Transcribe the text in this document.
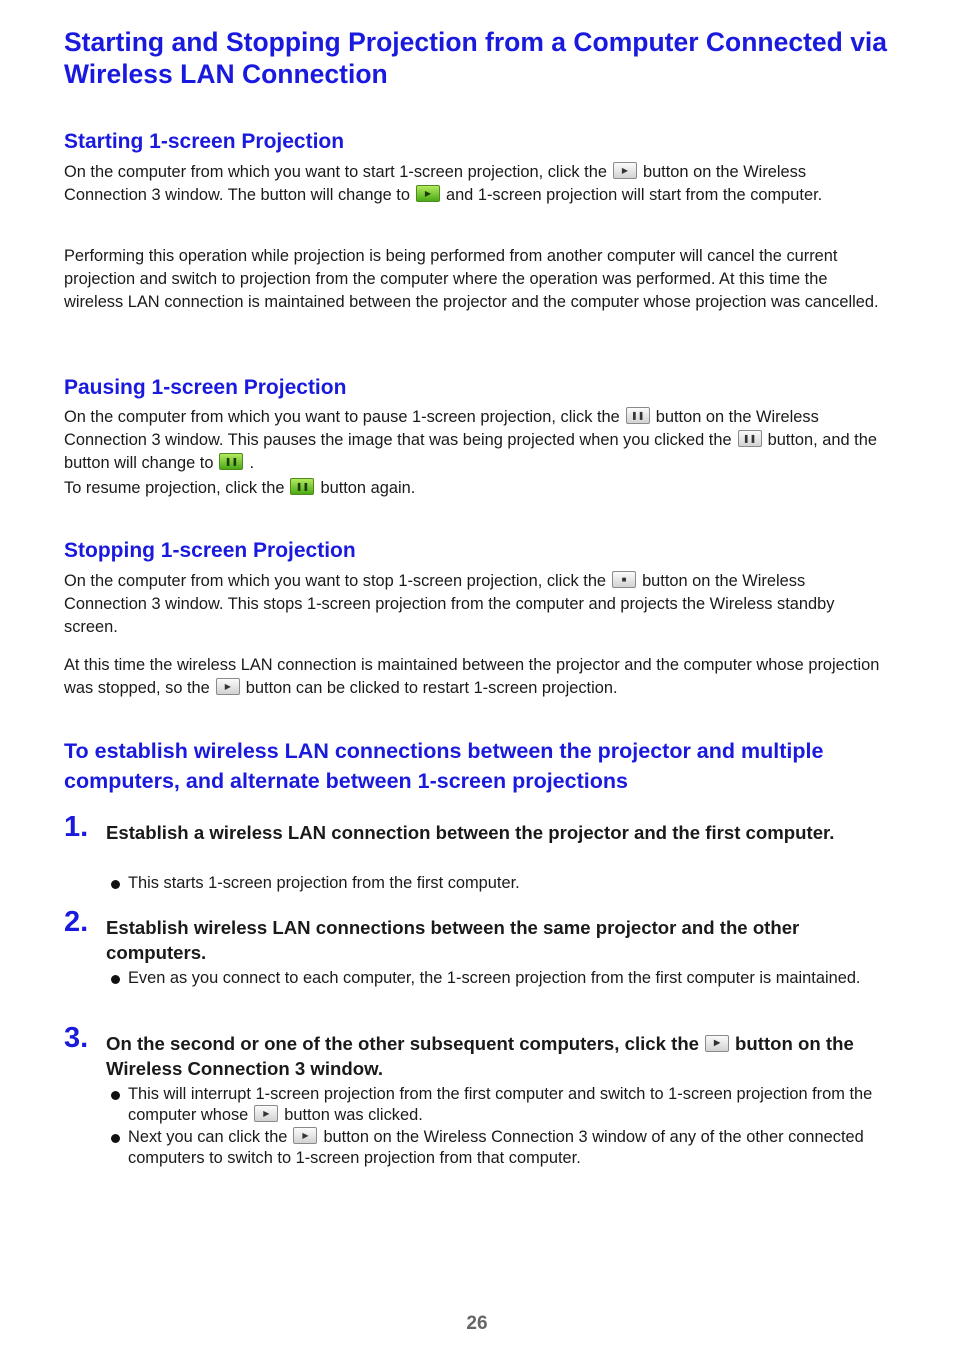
Starting and Stopping Projection from a Computer Connected via Wireless LAN Connection
Starting 1-screen Projection

On the computer from which you want to start 1-screen projection, click the ▶ button on the Wireless Connection 3 window. The button will change to ▶ and 1-screen projection will start from the computer.

Performing this operation while projection is being performed from another computer will cancel the current projection and switch to projection from the computer where the operation was performed. At this time the wireless LAN connection is maintained between the projector and the computer whose projection was cancelled.

Pausing 1-screen Projection

On the computer from which you want to pause 1-screen projection, click the ❚❚ button on the Wireless Connection 3 window. This pauses the image that was being projected when you clicked the ❚❚ button, and the button will change to ❚❚ .

To resume projection, click the ❚❚ button again.

Stopping 1-screen Projection

On the computer from which you want to stop 1-screen projection, click the ■ button on the Wireless Connection 3 window. This stops 1-screen projection from the computer and projects the Wireless standby screen.

At this time the wireless LAN connection is maintained between the projector and the computer whose projection was stopped, so the ▶ button can be clicked to restart 1-screen projection.

To establish wireless LAN connections between the projector and multiple computers, and alternate between 1-screen projections
1. Establish a wireless LAN connection between the projector and the first computer.

This starts 1-screen projection from the first computer.

2. Establish wireless LAN connections between the same projector and the other computers.

Even as you connect to each computer, the 1-screen projection from the first computer is maintained.

3. On the second or one of the other subsequent computers, click the ▶ button on the Wireless Connection 3 window.

This will interrupt 1-screen projection from the first computer and switch to 1-screen projection from the computer whose ▶ button was clicked.

Next you can click the ▶ button on the Wireless Connection 3 window of any of the other connected computers to switch to 1-screen projection from that computer.

26
